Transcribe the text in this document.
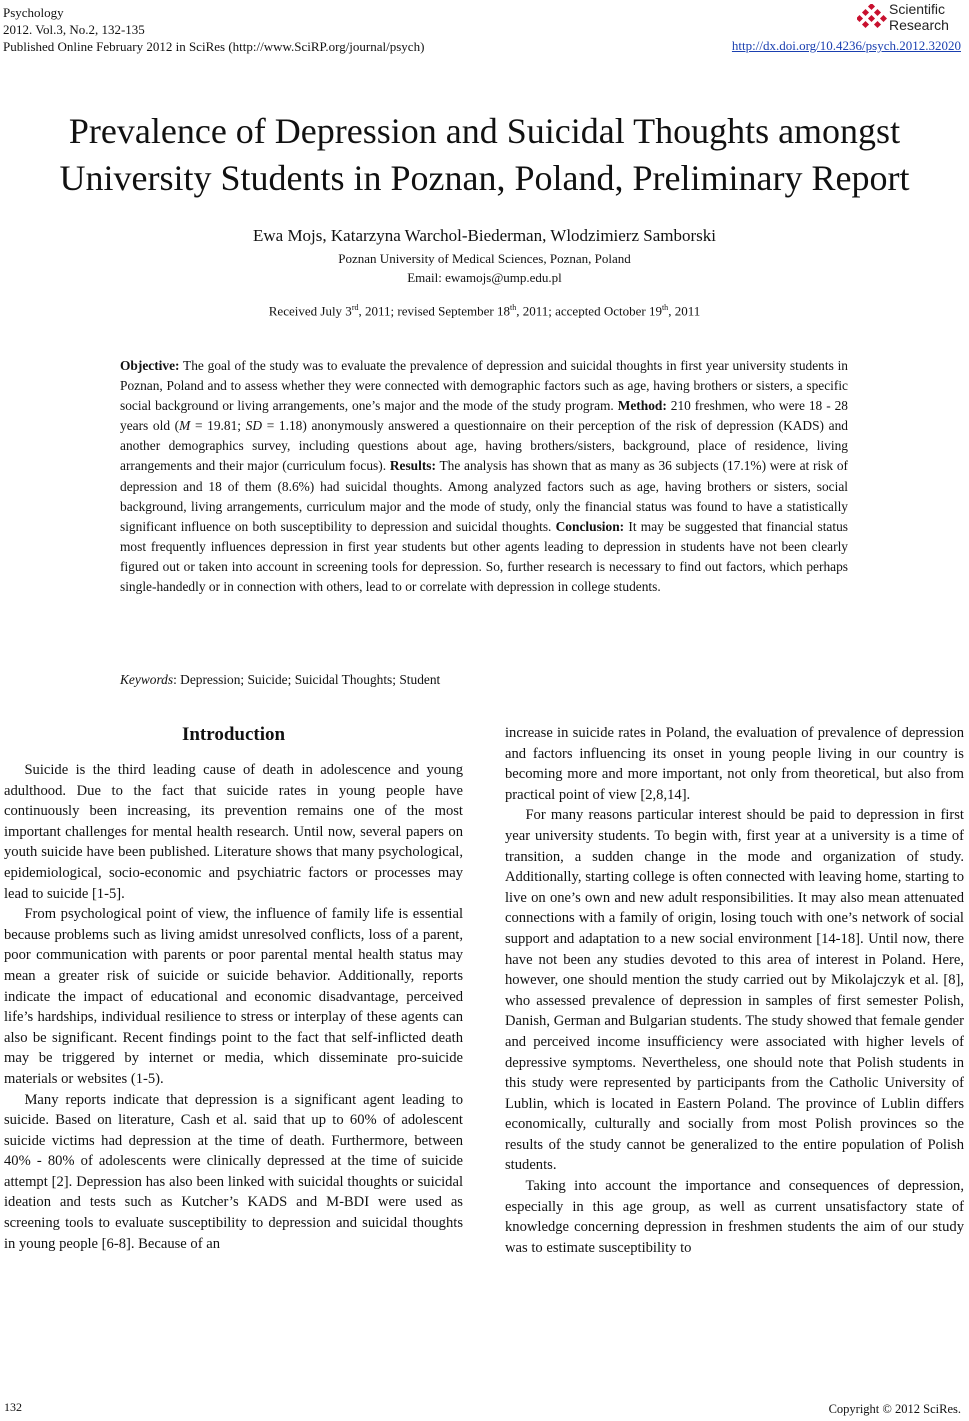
Psychology
2012. Vol.3, No.2, 132-135
Published Online February 2012 in SciRes (http://www.SciRP.org/journal/psych)
Scientific
Research
http://dx.doi.org/10.4236/psych.2012.32020
Prevalence of Depression and Suicidal Thoughts amongst
University Students in Poznan, Poland, Preliminary Report
Ewa Mojs, Katarzyna Warchol-Biederman, Wlodzimierz Samborski
Poznan University of Medical Sciences, Poznan, Poland
Email: ewamojs@ump.edu.pl
Received July 3rd, 2011; revised September 18th, 2011; accepted October 19th, 2011
Objective: The goal of the study was to evaluate the prevalence of depression and suicidal thoughts in first year university students in Poznan, Poland and to assess whether they were connected with demographic factors such as age, having brothers or sisters, a specific social background or living arrangements, one’s major and the mode of the study program. Method: 210 freshmen, who were 18 - 28 years old (M = 19.81; SD = 1.18) anonymously answered a questionnaire on their perception of the risk of depression (KADS) and another demographics survey, including questions about age, having brothers/sisters, background, place of residence, living arrangements and their major (curriculum focus). Results: The analysis has shown that as many as 36 subjects (17.1%) were at risk of depression and 18 of them (8.6%) had suicidal thoughts. Among analyzed factors such as age, having brothers or sisters, social background, living arrangements, curriculum major and the mode of study, only the financial status was found to have a statistically significant influence on both susceptibility to depression and suicidal thoughts. Conclusion: It may be suggested that financial status most frequently influences depression in first year students but other agents leading to depression in students have not been clearly figured out or taken into account in screening tools for depression. So, further research is necessary to find out factors, which perhaps single-handedly or in connection with others, lead to or correlate with depression in college students.
Keywords: Depression; Suicide; Suicidal Thoughts; Student
Introduction

Suicide is the third leading cause of death in adolescence and young adulthood. Due to the fact that suicide rates in young people have continuously been increasing, its prevention remains one of the most important challenges for mental health research. Until now, several papers on youth suicide have been published. Literature shows that many psychological, epidemiological, socio-economic and psychiatric factors or processes may lead to suicide [1-5].

From psychological point of view, the influence of family life is essential because problems such as living amidst unresolved conflicts, loss of a parent, poor communication with parents or poor parental mental health status may mean a greater risk of suicide or suicide behavior. Additionally, reports indicate the impact of educational and economic disadvantage, perceived life’s hardships, individual resilience to stress or interplay of these agents can also be significant. Recent findings point to the fact that self-inflicted death may be triggered by internet or media, which disseminate pro-suicide materials or websites (1-5).

Many reports indicate that depression is a significant agent leading to suicide. Based on literature, Cash et al. said that up to 60% of adolescent suicide victims had depression at the time of death. Furthermore, between 40% - 80% of adolescents were clinically depressed at the time of suicide attempt [2]. Depression has also been linked with suicidal thoughts or suicidal ideation and tests such as Kutcher’s KADS and M-BDI were used as screening tools to evaluate susceptibility to depression and suicidal thoughts in young people [6-8]. Because of an

increase in suicide rates in Poland, the evaluation of prevalence of depression and factors influencing its onset in young people living in our country is becoming more and more important, not only from theoretical, but also from practical point of view [2,8,14].

For many reasons particular interest should be paid to depression in first year university students. To begin with, first year at a university is a time of transition, a sudden change in the mode and organization of study. Additionally, starting college is often connected with leaving home, starting to live on one’s own and new adult responsibilities. It may also mean attenuated connections with a family of origin, losing touch with one’s network of social support and adaptation to a new social environment [14-18]. Until now, there have not been any studies devoted to this area of interest in Poland. Here, however, one should mention the study carried out by Mikolajczyk et al. [8], who assessed prevalence of depression in samples of first semester Polish, Danish, German and Bulgarian students. The study showed that female gender and perceived income insufficiency were associated with higher levels of depressive symptoms. Nevertheless, one should note that Polish students in this study were represented by participants from the Catholic University of Lublin, which is located in Eastern Poland. The province of Lublin differs economically, culturally and socially from most Polish provinces so the results of the study cannot be generalized to the entire population of Polish students.

Taking into account the importance and consequences of depression, especially in this age group, as well as current unsatisfactory state of knowledge concerning depression in freshmen students the aim of our study was to estimate susceptibility to

132	Copyright © 2012 SciRes.
